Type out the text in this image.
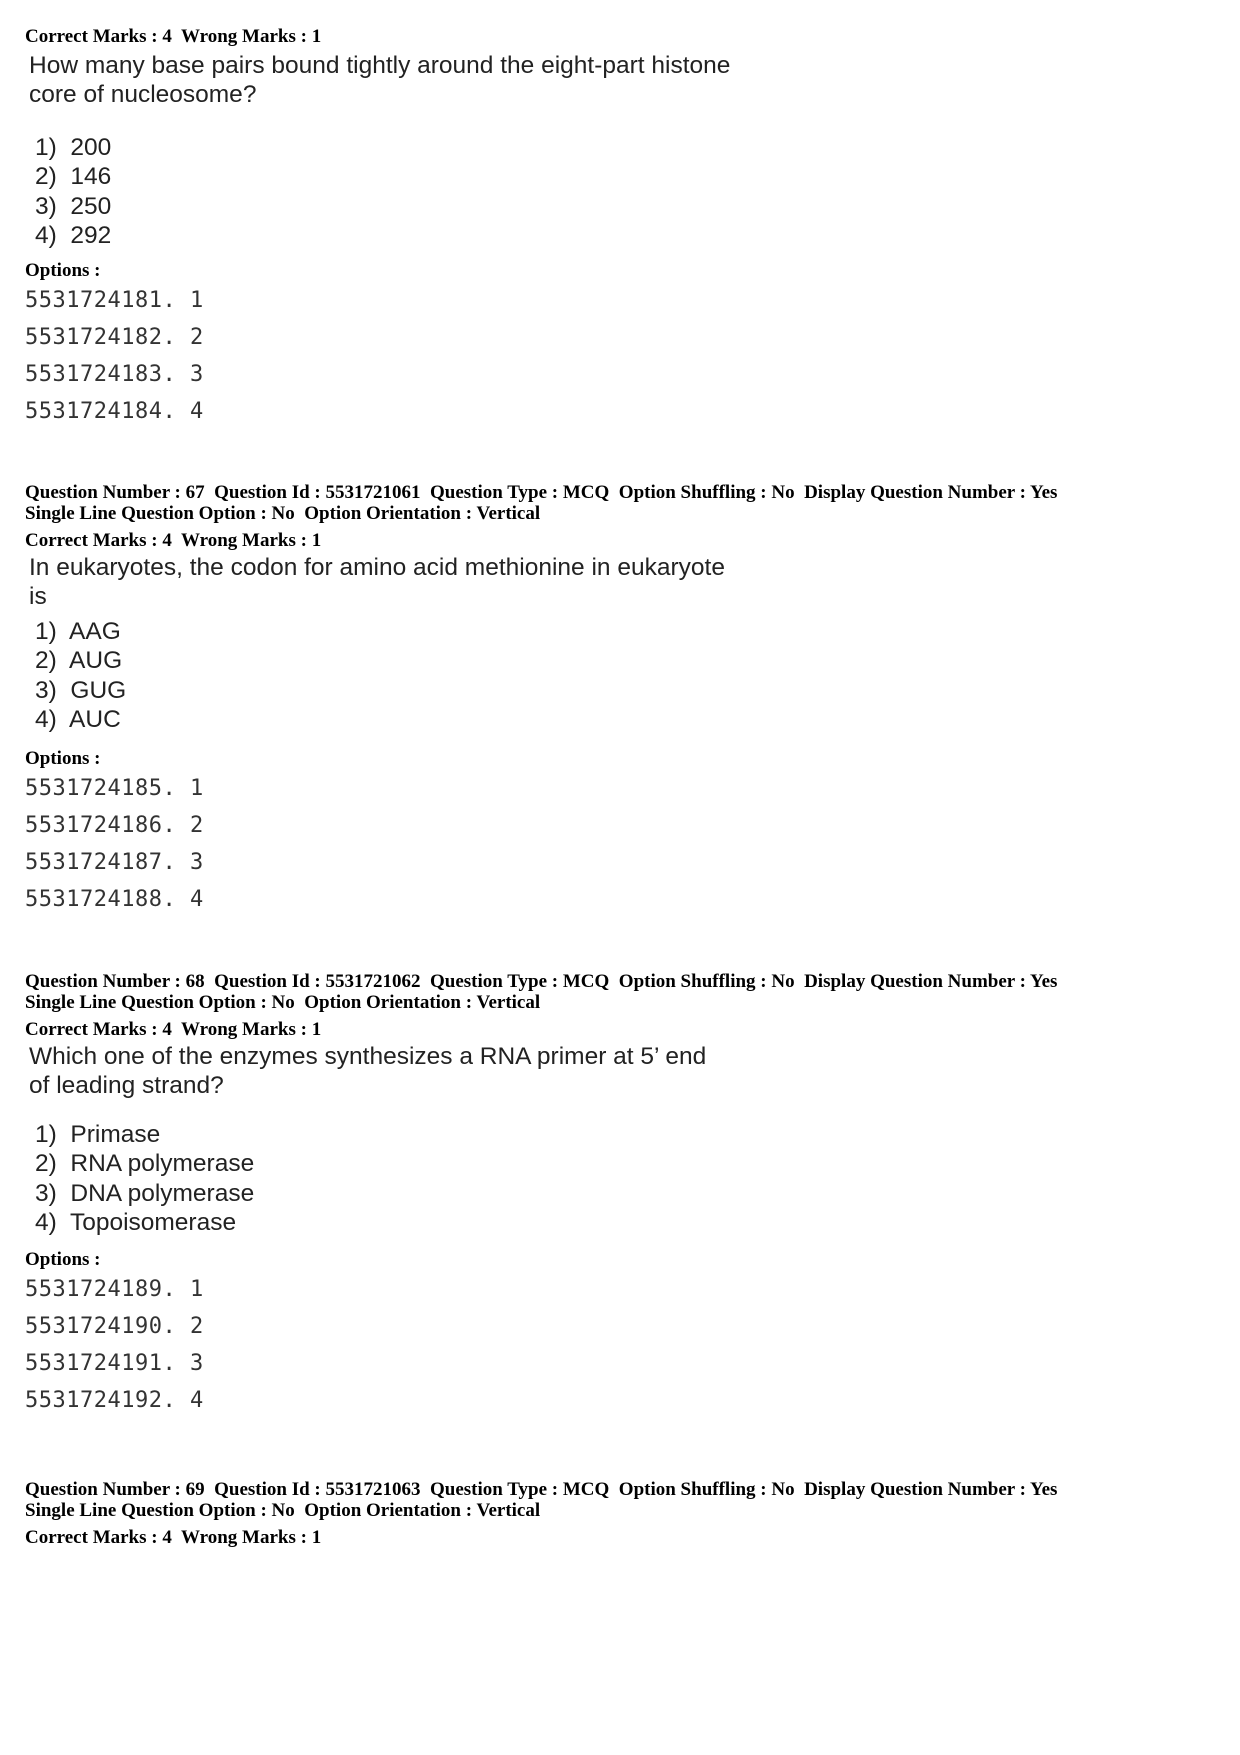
Correct Marks : 4  Wrong Marks : 1

How many base pairs bound tightly around the eight-part histone

core of nucleosome?

1)  200
2)  146
3)  250
4)  292

Options :

5531724181. 1
5531724182. 2
5531724183. 3
5531724184. 4

Question Number : 67  Question Id : 5531721061  Question Type : MCQ  Option Shuffling : No  Display Question Number : Yes

Single Line Question Option : No  Option Orientation : Vertical

Correct Marks : 4  Wrong Marks : 1

In eukaryotes, the codon for amino acid methionine in eukaryote

is

1)  AAG
2)  AUG
3)  GUG
4)  AUC

Options :

5531724185. 1
5531724186. 2
5531724187. 3
5531724188. 4

Question Number : 68  Question Id : 5531721062  Question Type : MCQ  Option Shuffling : No  Display Question Number : Yes

Single Line Question Option : No  Option Orientation : Vertical

Correct Marks : 4  Wrong Marks : 1

Which one of the enzymes synthesizes a RNA primer at 5’ end

of leading strand?

1)  Primase
2)  RNA polymerase
3)  DNA polymerase
4)  Topoisomerase

Options :

5531724189. 1
5531724190. 2
5531724191. 3
5531724192. 4

Question Number : 69  Question Id : 5531721063  Question Type : MCQ  Option Shuffling : No  Display Question Number : Yes

Single Line Question Option : No  Option Orientation : Vertical

Correct Marks : 4  Wrong Marks : 1
